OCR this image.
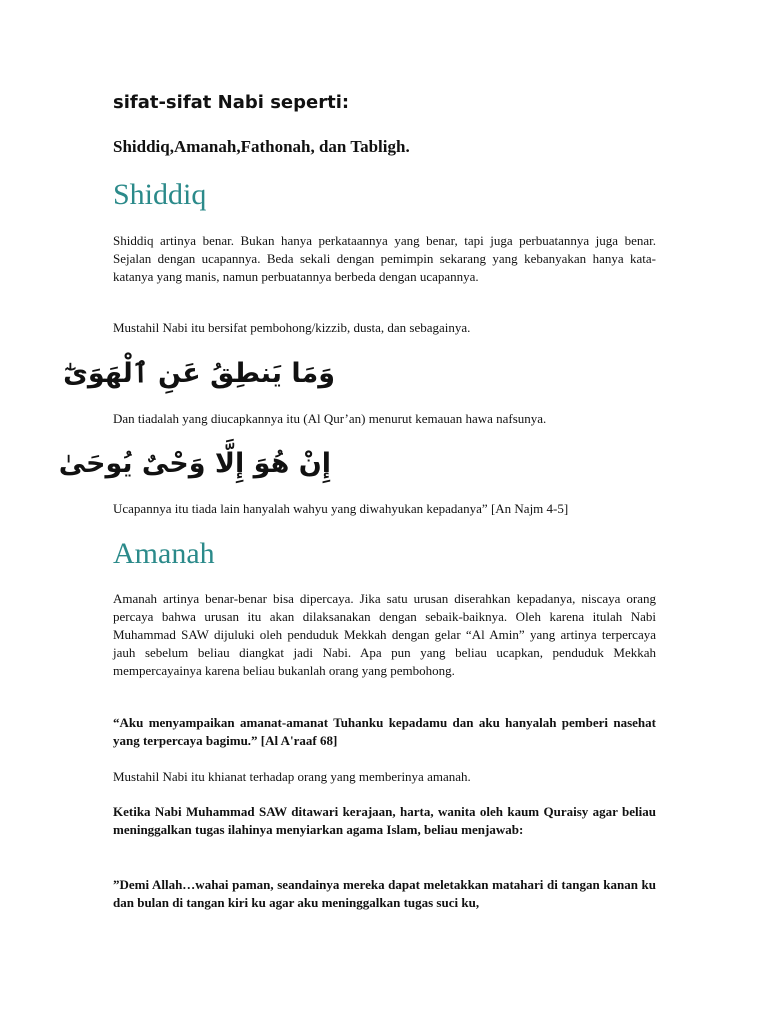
sifat-sifat Nabi seperti:

Shiddiq,Amanah,Fathonah, dan Tabligh.

Shiddiq

Shiddiq artinya benar. Bukan hanya perkataannya yang benar, tapi juga perbuatannya juga benar. Sejalan dengan ucapannya. Beda sekali dengan pemimpin sekarang yang kebanyakan hanya kata-katanya yang manis, namun perbuatannya berbeda dengan ucapannya.

Mustahil Nabi itu bersifat pembohong/kizzib, dusta, dan sebagainya.

وَمَا يَنطِقُ عَنِ ٱلْهَوَىٰٓ

Dan tiadalah yang diucapkannya itu (Al Qur’an) menurut kemauan hawa nafsunya.

إِنْ هُوَ إِلَّا وَحْىٌ يُوحَىٰ

Ucapannya itu tiada lain hanyalah wahyu yang diwahyukan kepadanya” [An Najm 4-5]

Amanah

Amanah artinya benar-benar bisa dipercaya. Jika satu urusan diserahkan kepadanya, niscaya orang percaya bahwa urusan itu akan dilaksanakan dengan sebaik-baiknya. Oleh karena itulah Nabi Muhammad SAW dijuluki oleh penduduk Mekkah dengan gelar “Al Amin” yang artinya terpercaya jauh sebelum beliau diangkat jadi Nabi. Apa pun yang beliau ucapkan, penduduk Mekkah mempercayainya karena beliau bukanlah orang yang pembohong.

“Aku menyampaikan amanat-amanat Tuhanku kepadamu dan aku hanyalah pemberi nasehat yang terpercaya bagimu.” [Al A'raaf 68]

Mustahil Nabi itu khianat terhadap orang yang memberinya amanah.

Ketika Nabi Muhammad SAW ditawari kerajaan, harta, wanita oleh kaum Quraisy agar beliau meninggalkan tugas ilahinya menyiarkan agama Islam, beliau menjawab:

”Demi Allah…wahai paman, seandainya mereka dapat meletakkan matahari di tangan kanan ku dan bulan di tangan kiri ku agar aku meninggalkan tugas suci ku,
